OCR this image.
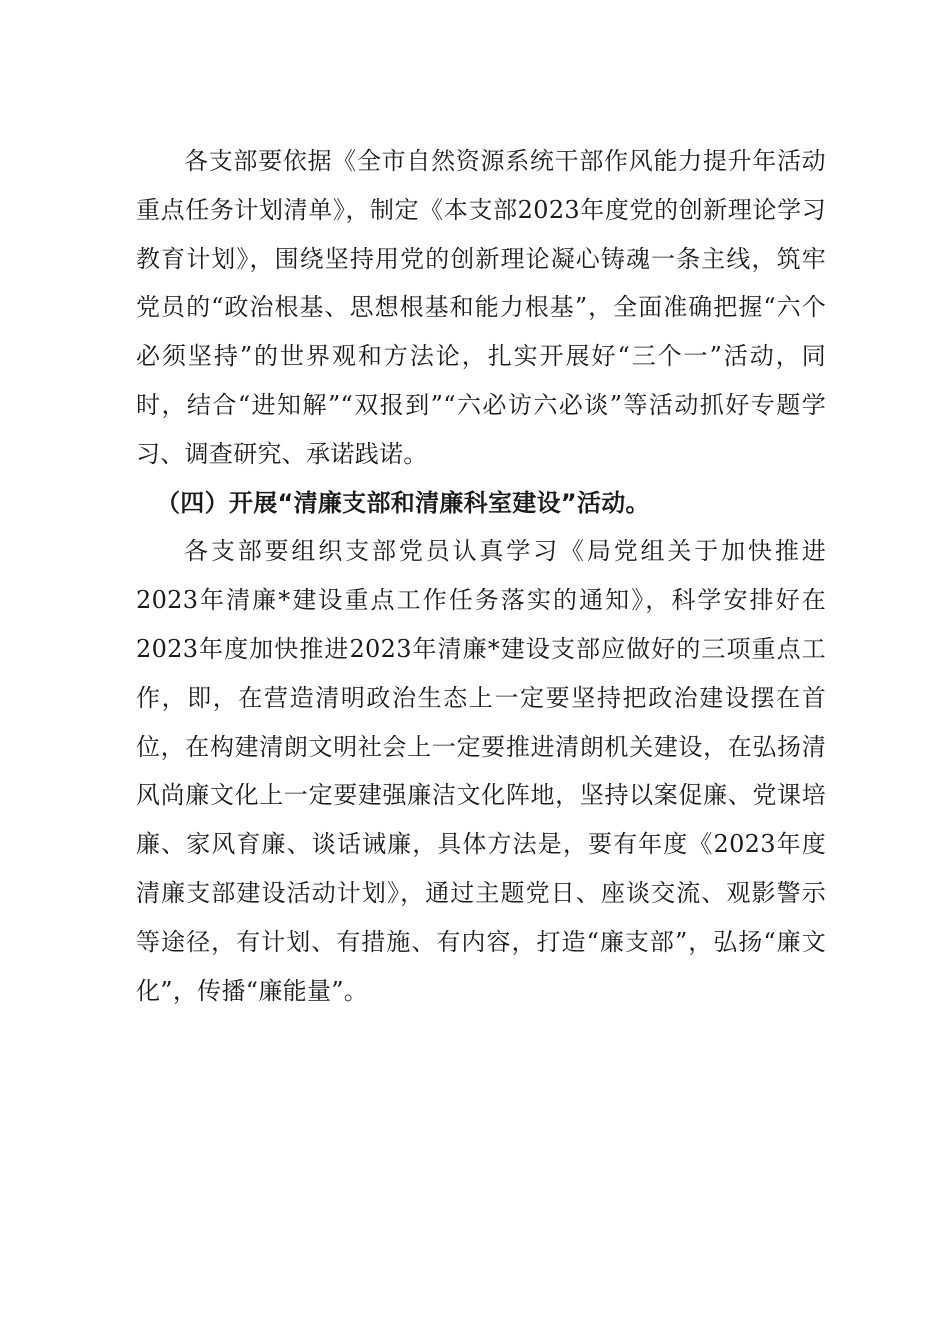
各支部要依据《全市自然资源系统干部作风能力提升年活动重点任务计划清单》，制定《本支部2023年度党的创新理论学习教育计划》，围绕坚持用党的创新理论凝心铸魂一条主线，筑牢党员的“政治根基、思想根基和能力根基”，全面准确把握“六个必须坚持”的世界观和方法论，扎实开展好“三个一”活动，同时，结合“进知解”“双报到”“六必访六必谈”等活动抓好专题学习、调查研究、承诺践诺。

（四）开展“清廉支部和清廉科室建设”活动。

各支部要组织支部党员认真学习《局党组关于加快推进2023年清廉*建设重点工作任务落实的通知》，科学安排好在2023年度加快推进2023年清廉*建设支部应做好的三项重点工作，即，在营造清明政治生态上一定要坚持把政治建设摆在首位，在构建清朗文明社会上一定要推进清朗机关建设，在弘扬清风尚廉文化上一定要建强廉洁文化阵地，坚持以案促廉、党课培廉、家风育廉、谈话诫廉，具体方法是，要有年度《2023年度清廉支部建设活动计划》，通过主题党日、座谈交流、观影警示等途径，有计划、有措施、有内容，打造“廉支部”，弘扬“廉文化”，传播“廉能量”。
